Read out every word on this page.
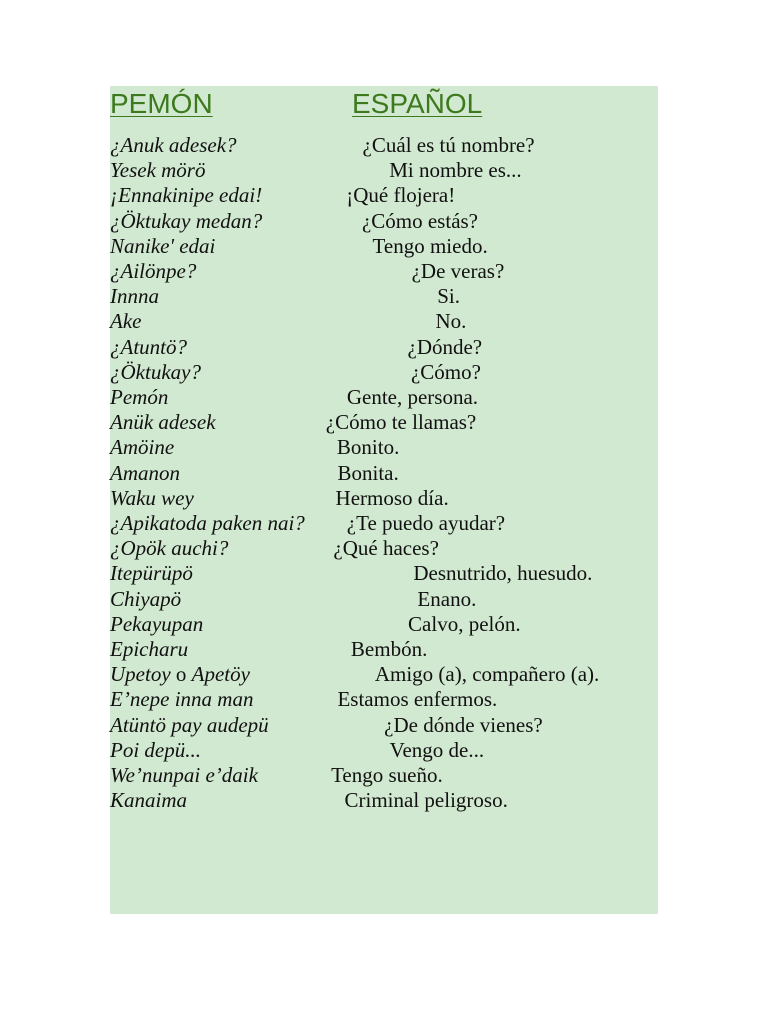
PEMÓN	ESPAÑOL
¿Anuk adesek?	¿Cuál es tú nombre?
Yesek mörö	Mi nombre es...
¡Ennakinipe edai!	¡Qué flojera!
¿Öktukay medan?	¿Cómo estás?
Nanike' edai	Tengo miedo.
¿Ailönpe?	¿De veras?
Innna	Si.
Ake	No.
¿Atuntö?	¿Dónde?
¿Öktukay?	¿Cómo?
Pemón	Gente, persona.
Anük adesek	¿Cómo te llamas?
Amöine	Bonito.
Amanon	Bonita.
Waku wey	Hermoso día.
¿Apikatoda paken nai? ¿Te puedo ayudar?
¿Opök auchi?	¿Qué haces?
Itepürüpö	Desnutrido, huesudo.
Chiyapö	Enano.
Pekayupan	Calvo, pelón.
Epicharu	Bembón.
Upetoy o Apetöy	Amigo (a), compañero (a).
E’nepe inna man	Estamos enfermos.
Atüntö pay audepü	¿De dónde vienes?
Poi depü...	Vengo de...
We’nunpai e’daik	Tengo sueño.
Kanaima	Criminal peligroso.
